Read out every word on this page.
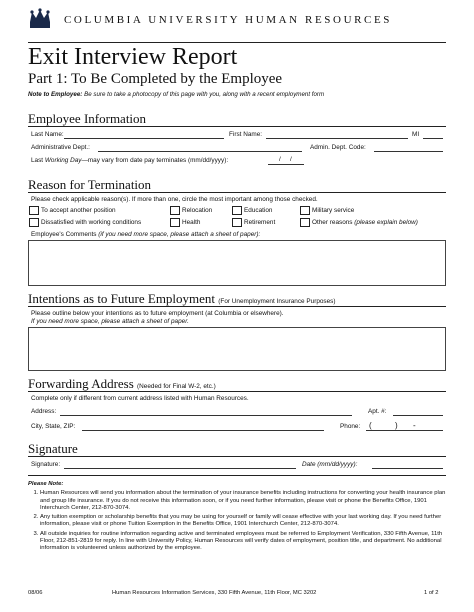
COLUMBIA UNIVERSITY HUMAN RESOURCES
Exit Interview Report
Part 1: To Be Completed by the Employee
Note to Employee: Be sure to take a photocopy of this page with you, along with a recent employment form
Employee Information
Last Name:	First Name:	MI
Administrative Dept.:	Admin. Dept. Code:
Last Working Day—may vary from date pay terminates (mm/dd/yyyy):	/ /
Reason for Termination
Please check applicable reason(s). If more than one, circle the most important among those checked.
To accept another position	Relocation	Education	Military service
Dissatisfied with working conditions	Health	Retirement	Other reasons (please explain below)
Employee's Comments (if you need more space, please attach a sheet of paper):
Intentions as to Future Employment (For Unemployment Insurance Purposes)
Please outline below your intentions as to future employment (at Columbia or elsewhere).
If you need more space, please attach a sheet of paper.
Forwarding Address (Needed for Final W-2, etc.)
Complete only if different from current address listed with Human Resources.
Address:	Apt. #:
City, State, ZIP:	Phone: (	) -
Signature
Signature:	Date (mm/dd/yyyy):
Please Note:
1. Human Resources will send you information about the termination of your insurance benefits including instructions for converting your health insurance plan and group life insurance. If you do not receive this information soon, or if you need further information, please visit or phone the Benefits Office, 1901 Interchurch Center, 212-870-3074.
2. Any tuition exemption or scholarship benefits that you may be using for yourself or family will cease effective with your last working day. If you need further information, please visit or phone Tuition Exemption in the Benefits Office, 1901 Interchurch Center, 212-870-3074.
3. All outside inquiries for routine information regarding active and terminated employees must be referred to Employment Verification, 330 Fifth Avenue, 11th Floor, 212-851-2819 for reply. In line with University Policy, Human Resources will verify dates of employment, position title, and department. No additional information is volunteered unless authorized by the employee.
08/06	Human Resources Information Services, 330 Fifth Avenue, 11th Floor, MC 3202	1 of 2
